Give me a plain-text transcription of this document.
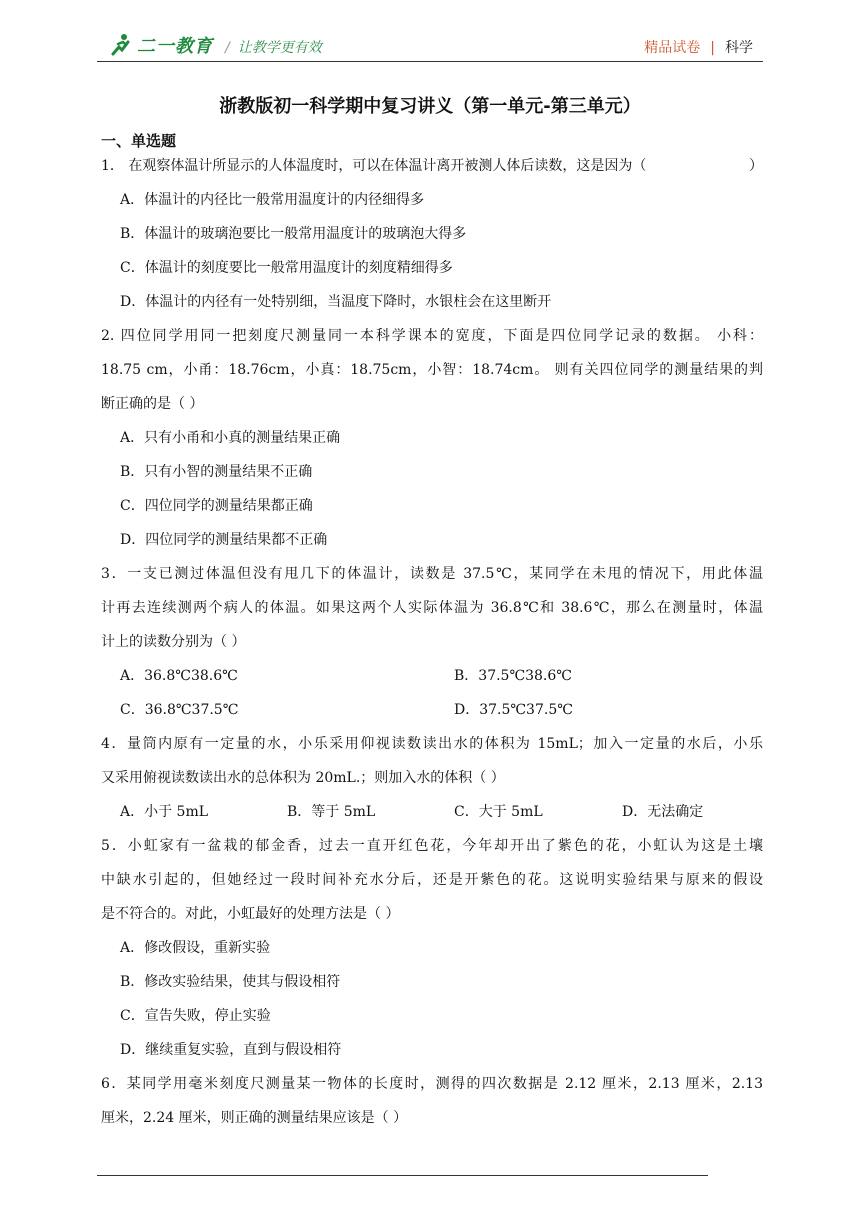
二一教育 / 让教学更有效	精品试卷 | 科学
浙教版初一科学期中复习讲义（第一单元-第三单元）
一、单选题
1． 在观察体温计所显示的人体温度时，可以在体温计离开被测人体后读数，这是因为（	）
A．体温计的内径比一般常用温度计的内径细得多
B．体温计的玻璃泡要比一般常用温度计的玻璃泡大得多
C．体温计的刻度要比一般常用温度计的刻度精细得多
D．体温计的内径有一处特别细，当温度下降时，水银柱会在这里断开
2. 四位同学用同一把刻度尺测量同一本科学课本的宽度，下面是四位同学记录的数据。 小科：
18.75 cm，小甬：18.76cm，小真：18.75cm，小智：18.74cm。 则有关四位同学的测量结果的判
断正确的是（ ）
A．只有小甬和小真的测量结果正确
B．只有小智的测量结果不正确
C．四位同学的测量结果都正确
D．四位同学的测量结果都不正确
3．一支已测过体温但没有甩几下的体温计，读数是 37.5℃，某同学在未甩的情况下，用此体温
计再去连续测两个病人的体温。如果这两个人实际体温为 36.8℃和 38.6℃，那么在测量时，体温
计上的读数分别为（ ）
A．36.8℃38.6℃	B．37.5℃38.6℃
C．36.8℃37.5℃	D．37.5℃37.5℃
4．量筒内原有一定量的水，小乐采用仰视读数读出水的体积为 15mL；加入一定量的水后，小乐
又采用俯视读数读出水的总体积为 20mL.；则加入水的体积（ ）
A．小于 5mL	B．等于 5mL	C．大于 5mL	D．无法确定
5．小虹家有一盆栽的郁金香，过去一直开红色花，今年却开出了紫色的花，小虹认为这是土壤
中缺水引起的，但她经过一段时间补充水分后，还是开紫色的花。这说明实验结果与原来的假设
是不符合的。对此，小虹最好的处理方法是（ ）
A．修改假设，重新实验
B．修改实验结果，使其与假设相符
C．宣告失败，停止实验
D．继续重复实验，直到与假设相符
6．某同学用毫米刻度尺测量某一物体的长度时，测得的四次数据是 2.12 厘米，2.13 厘米，2.13
厘米，2.24 厘米，则正确的测量结果应该是（ ）
